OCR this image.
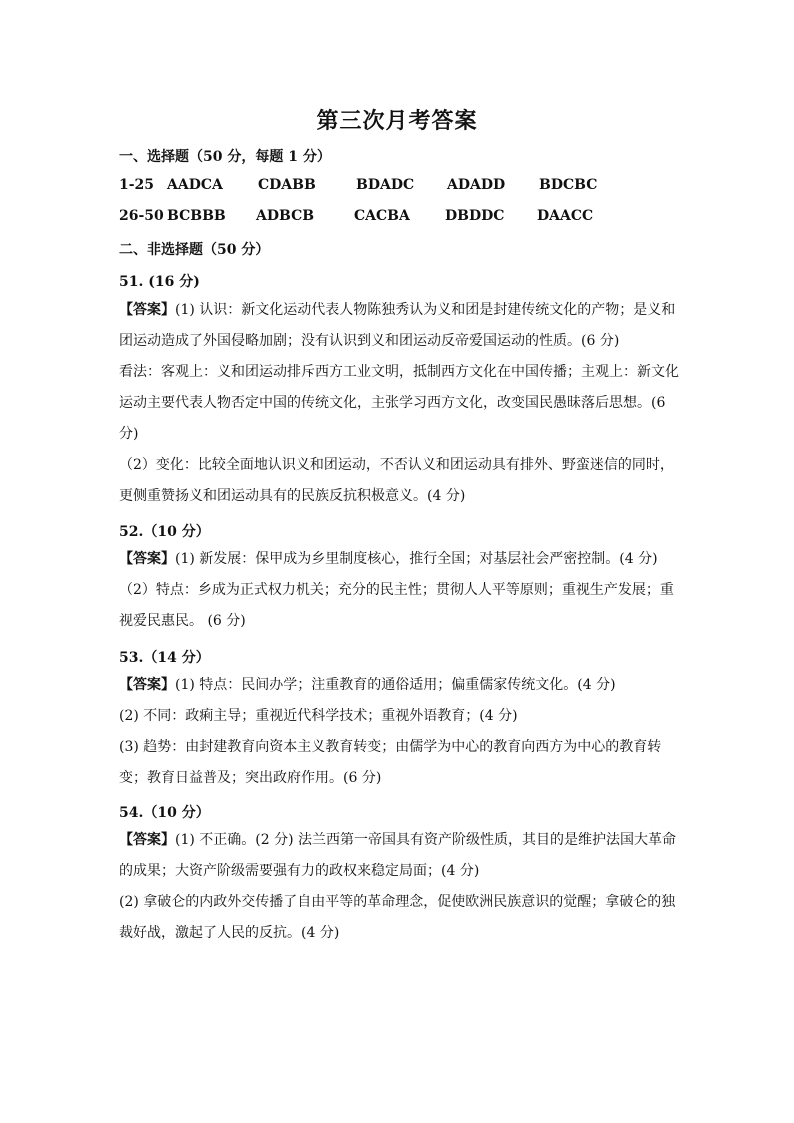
第三次月考答案
一、选择题（50 分，每题 1 分）
1-25 AADCA	CDABB	BDADC ADADD BDCBC
26-50 BCBBB ADBCB	CACBA	DBDDC DAACC
二、非选择题（50 分）
51. (16 分)
【答案】(1) 认识：新文化运动代表人物陈独秀认为义和团是封建传统文化的产物；是义和团运动造成了外国侵略加剧；没有认识到义和团运动反帝爱国运动的性质。(6 分)
看法：客观上：义和团运动排斥西方工业文明，抵制西方文化在中国传播；主观上：新文化运动主要代表人物否定中国的传统文化，主张学习西方文化，改变国民愚昧落后思想。(6 分)
（2）变化：比较全面地认识义和团运动，不否认义和团运动具有排外、野蛮迷信的同时，更侧重赞扬义和团运动具有的民族反抗积极意义。(4 分)
52.（10 分）
【答案】(1) 新发展：保甲成为乡里制度核心，推行全国；对基层社会严密控制。(4 分)
（2）特点：乡成为正式权力机关；充分的民主性；贯彻人人平等原则；重视生产发展；重视爱民惠民。 (6 分)
53.（14 分）
【答案】(1) 特点：民间办学；注重教育的通俗适用；偏重儒家传统文化。(4 分)
(2) 不同：政痢主导；重视近代科学技术；重视外语教育；(4 分)
(3) 趋势：由封建教育向资本主义教育转变；由儒学为中心的教育向西方为中心的教育转变；教育日益普及；突出政府作用。(6 分)
54.（10 分）
【答案】(1) 不正确。(2 分) 法兰西第一帝国具有资产阶级性质，其目的是维护法国大革命的成果；大资产阶级需要强有力的政权来稳定局面；(4 分)
(2) 拿破仑的内政外交传播了自由平等的革命理念，促使欧洲民族意识的觉醒；拿破仑的独裁好战，激起了人民的反抗。(4 分)
